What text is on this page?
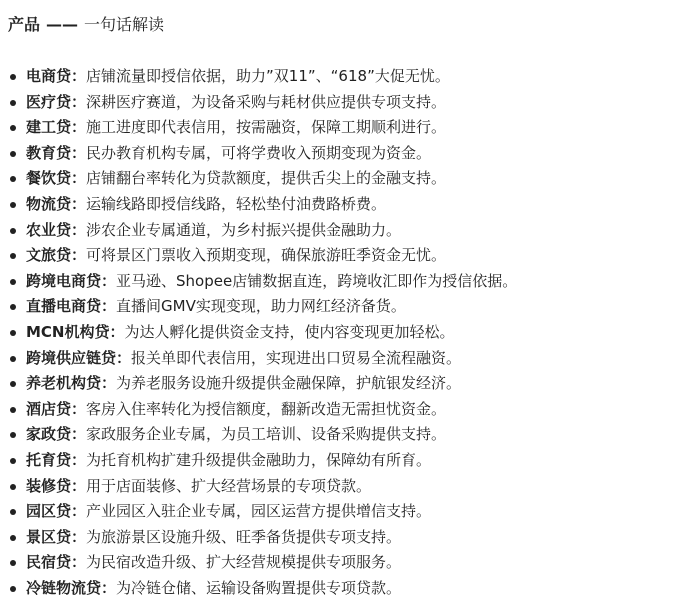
产品 —— 一句话解读
电商贷：店铺流量即授信依据，助力”双11”、“618”大促无忧。
医疗贷：深耕医疗赛道，为设备采购与耗材供应提供专项支持。
建工贷：施工进度即代表信用，按需融资，保障工期顺利进行。
教育贷：民办教育机构专属，可将学费收入预期变现为资金。
餐饮贷：店铺翻台率转化为贷款额度，提供舌尖上的金融支持。
物流贷：运输线路即授信线路，轻松垫付油费路桥费。
农业贷：涉农企业专属通道，为乡村振兴提供金融助力。
文旅贷：可将景区门票收入预期变现，确保旅游旺季资金无忧。
跨境电商贷：亚马逊、Shopee店铺数据直连，跨境收汇即作为授信依据。
直播电商贷：直播间GMV实现变现，助力网红经济备货。
MCN机构贷：为达人孵化提供资金支持，使内容变现更加轻松。
跨境供应链贷：报关单即代表信用，实现进出口贸易全流程融资。
养老机构贷：为养老服务设施升级提供金融保障，护航银发经济。
酒店贷：客房入住率转化为授信额度，翻新改造无需担忧资金。
家政贷：家政服务企业专属，为员工培训、设备采购提供支持。
托育贷：为托育机构扩建升级提供金融助力，保障幼有所育。
装修贷：用于店面装修、扩大经营场景的专项贷款。
园区贷：产业园区入驻企业专属，园区运营方提供增信支持。
景区贷：为旅游景区设施升级、旺季备货提供专项支持。
民宿贷：为民宿改造升级、扩大经营规模提供专项服务。
冷链物流贷：为冷链仓储、运输设备购置提供专项贷款。
